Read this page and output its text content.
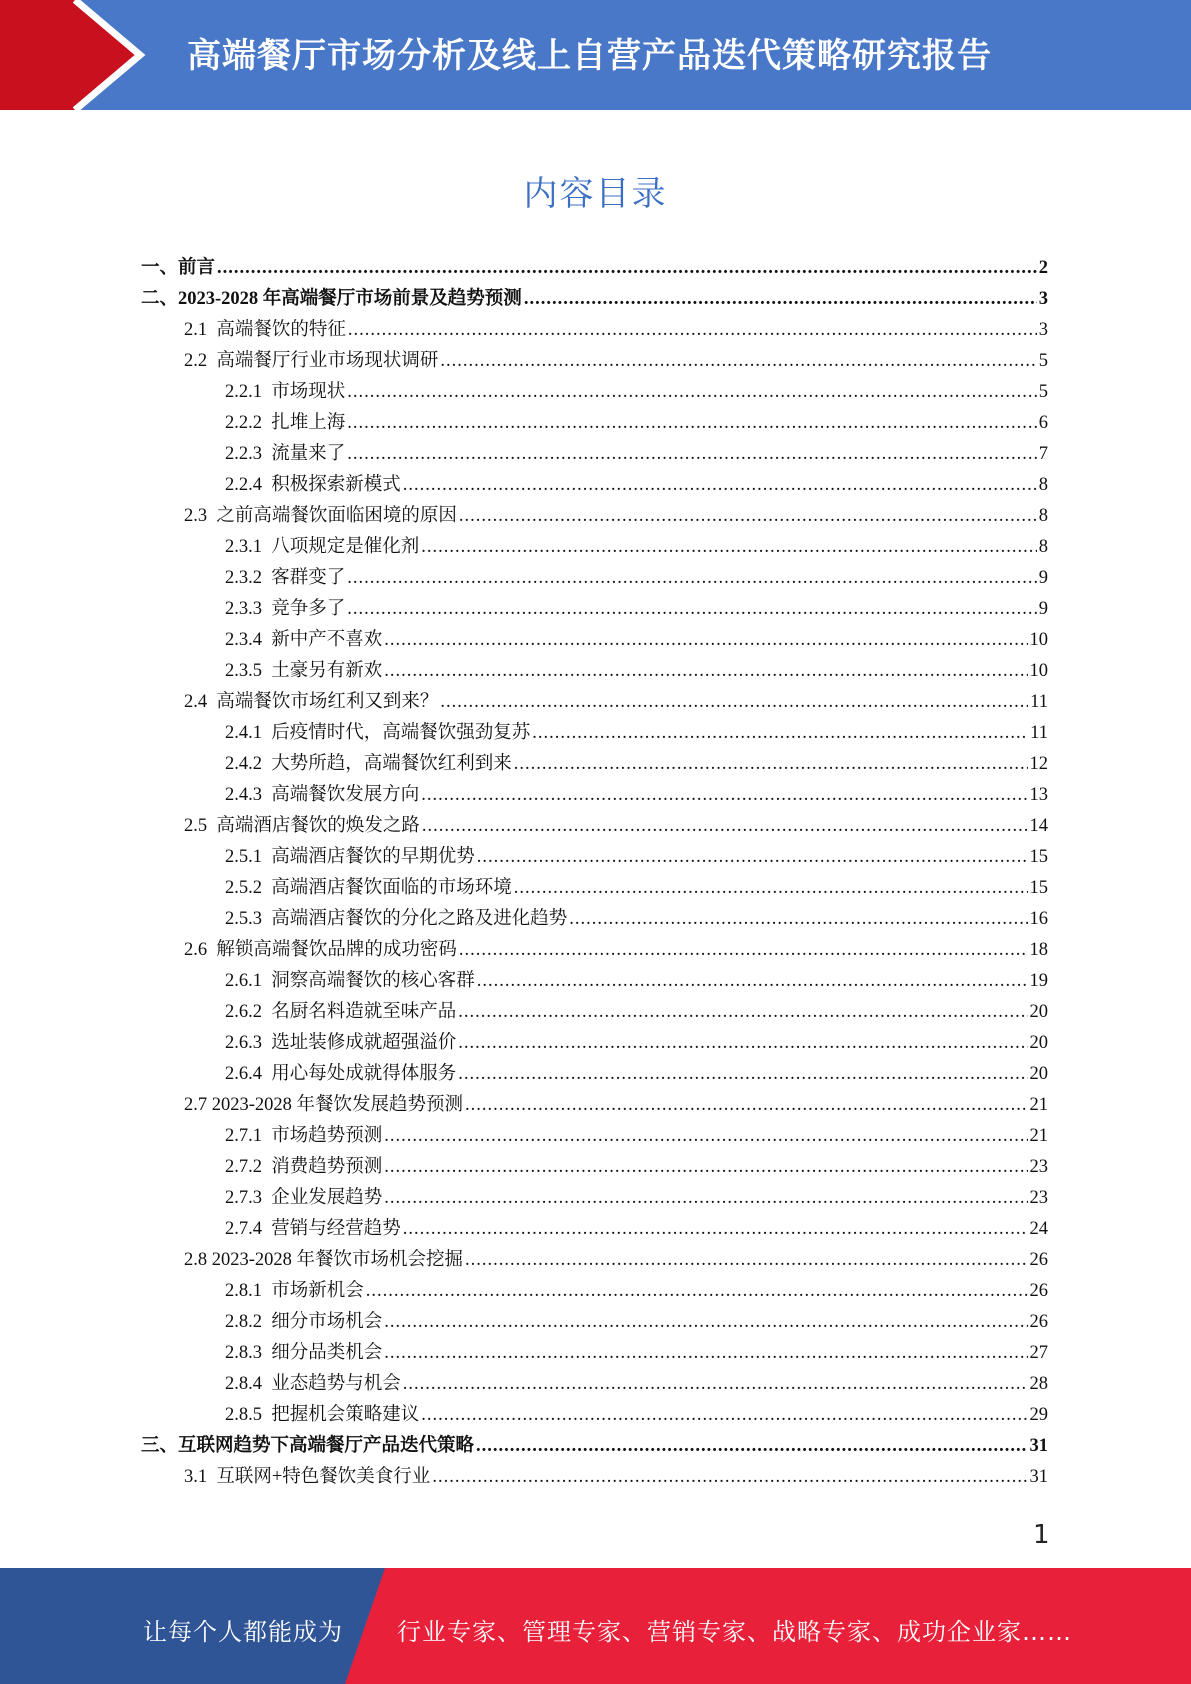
高端餐厅市场分析及线上自营产品迭代策略研究报告
内容目录
一、 前言 .....	2
二、 2023-2028 年高端餐厅市场前景及趋势预测 .....	3
2.1 高端餐饮的特征 .....	3
2.2 高端餐厅行业市场现状调研 .....	5
2.2.1 市场现状 .....	5
2.2.2 扎堆上海 .....	6
2.2.3 流量来了 .....	7
2.2.4 积极探索新模式 .....	8
2.3 之前高端餐饮面临困境的原因 .....	8
2.3.1 八项规定是催化剂 .....	8
2.3.2 客群变了 .....	9
2.3.3 竞争多了 .....	9
2.3.4 新中产不喜欢 .....	10
2.3.5 土豪另有新欢 .....	10
2.4 高端餐饮市场红利又到来？ .....	11
2.4.1 后疫情时代，高端餐饮强劲复苏 .....	11
2.4.2 大势所趋，高端餐饮红利到来 .....	12
2.4.3 高端餐饮发展方向 .....	13
2.5 高端酒店餐饮的焕发之路 .....	14
2.5.1 高端酒店餐饮的早期优势 .....	15
2.5.2 高端酒店餐饮面临的市场环境 .....	15
2.5.3 高端酒店餐饮的分化之路及进化趋势 .....	16
2.6 解锁高端餐饮品牌的成功密码 .....	18
2.6.1 洞察高端餐饮的核心客群 .....	19
2.6.2 名厨名料造就至味产品 .....	20
2.6.3 选址装修成就超强溢价 .....	20
2.6.4 用心每处成就得体服务 .....	20
2.7 2023-2028 年餐饮发展趋势预测 .....	21
2.7.1 市场趋势预测 .....	21
2.7.2 消费趋势预测 .....	23
2.7.3 企业发展趋势 .....	23
2.7.4 营销与经营趋势 .....	24
2.8 2023-2028 年餐饮市场机会挖掘 .....	26
2.8.1 市场新机会 .....	26
2.8.2 细分市场机会 .....	26
2.8.3 细分品类机会 .....	27
2.8.4 业态趋势与机会 .....	28
2.8.5 把握机会策略建议 .....	29
三、 互联网趋势下高端餐厅产品迭代策略 .....	31
3.1 互联网+特色餐饮美食行业 .....	31
1
让每个人都能成为 行业专家、管理专家、营销专家、战略专家、成功企业家……
